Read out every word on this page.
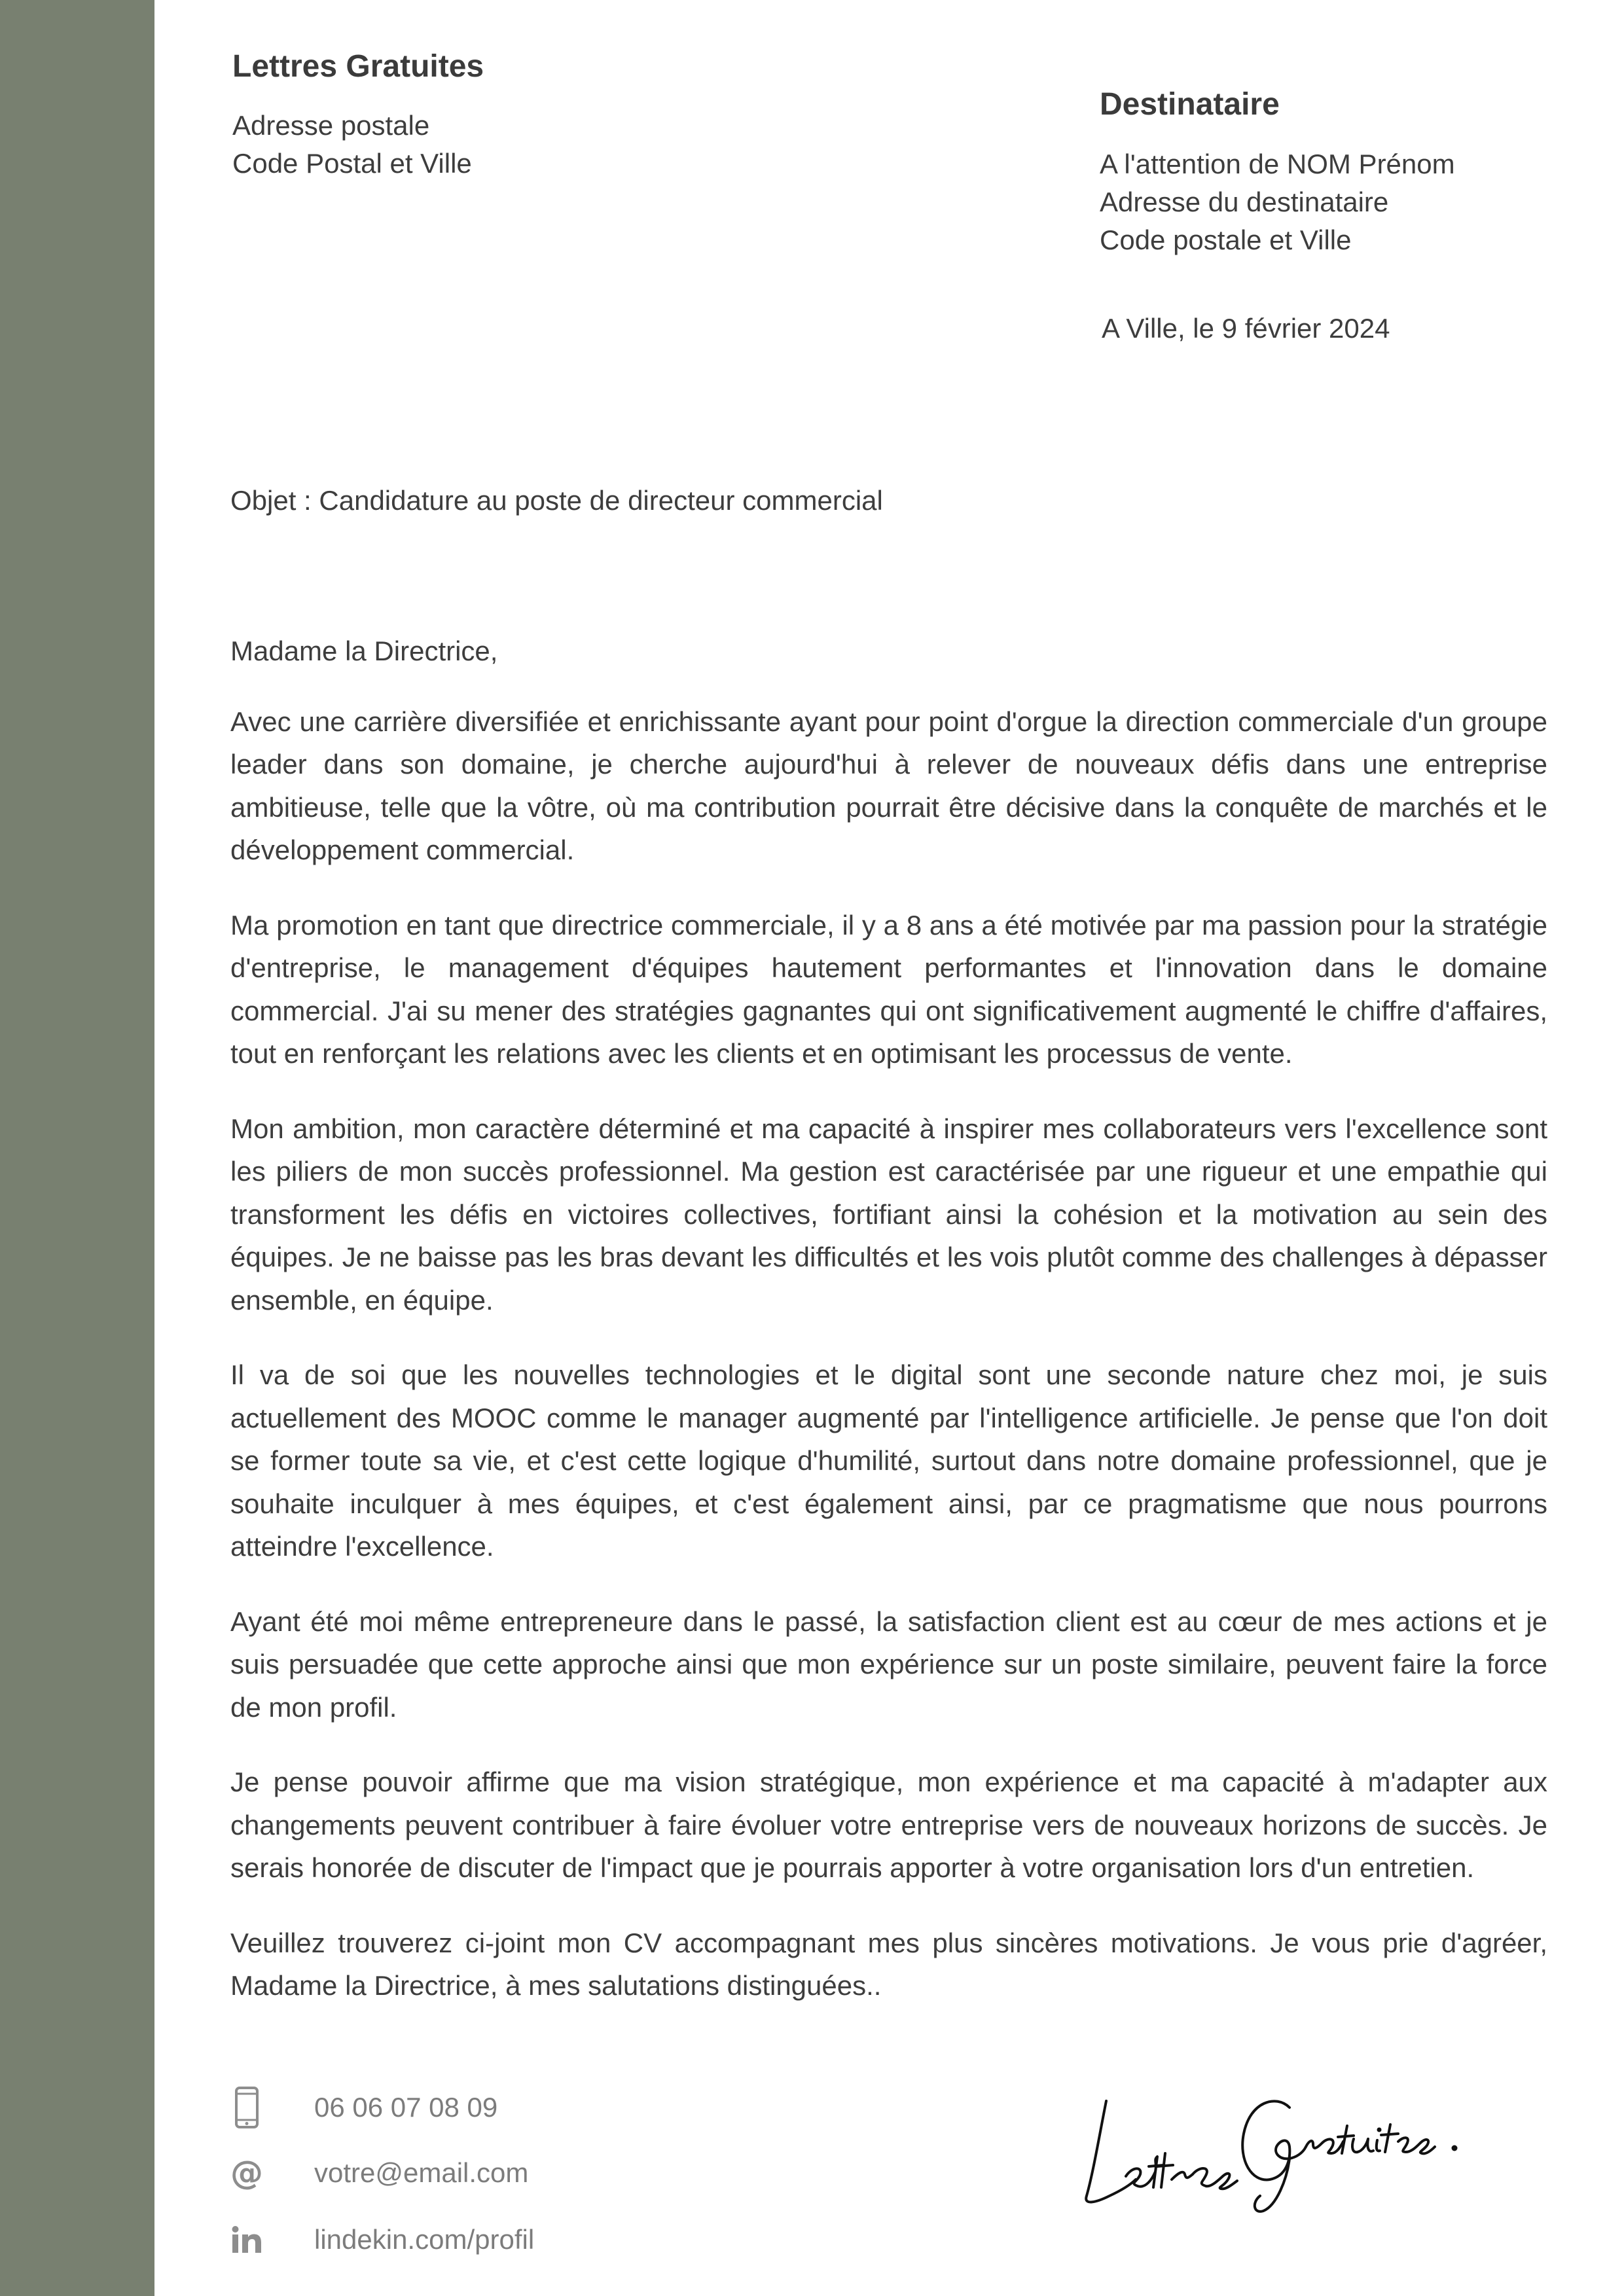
Lettres Gratuites
Adresse postale
Code Postal et Ville
Destinataire
A l'attention de NOM Prénom
Adresse du destinataire
Code postale et Ville
A Ville, le 9 février 2024
Objet : Candidature au poste de directeur commercial

Madame la Directrice,

Avec une carrière diversifiée et enrichissante ayant pour point d'orgue la direction commerciale d'un groupe leader dans son domaine, je cherche aujourd'hui à relever de nouveaux défis dans une entreprise ambitieuse, telle que la vôtre, où ma contribution pourrait être décisive dans la conquête de marchés et le développement commercial.

Ma promotion en tant que directrice commerciale, il y a 8 ans a été motivée par ma passion pour la stratégie d'entreprise, le management d'équipes hautement performantes et l'innovation dans le domaine commercial. J'ai su mener des stratégies gagnantes qui ont significativement augmenté le chiffre d'affaires, tout en renforçant les relations avec les clients et en optimisant les processus de vente.

Mon ambition, mon caractère déterminé et ma capacité à inspirer mes collaborateurs vers l'excellence sont les piliers de mon succès professionnel. Ma gestion est caractérisée par une rigueur et une empathie qui transforment les défis en victoires collectives, fortifiant ainsi la cohésion et la motivation au sein des équipes. Je ne baisse pas les bras devant les difficultés et les vois plutôt comme des challenges à dépasser ensemble, en équipe.

Il va de soi que les nouvelles technologies et le digital sont une seconde nature chez moi, je suis actuellement des MOOC comme le manager augmenté par l'intelligence artificielle. Je pense que l'on doit se former toute sa vie, et c'est cette logique d'humilité, surtout dans notre domaine professionnel, que je souhaite inculquer à mes équipes, et c'est également ainsi, par ce pragmatisme que nous pourrons atteindre l'excellence.

Ayant été moi même entrepreneure dans le passé, la satisfaction client est au cœur de mes actions et je suis persuadée que cette approche ainsi que mon expérience sur un poste similaire, peuvent faire la force de mon profil.

Je pense pouvoir affirme que ma vision stratégique, mon expérience et ma capacité à m'adapter aux changements peuvent contribuer à faire évoluer votre entreprise vers de nouveaux horizons de succès. Je serais honorée de discuter de l'impact que je pourrais apporter à votre organisation lors d'un entretien.

Veuillez trouverez ci-joint mon CV accompagnant mes plus sincères motivations. Je vous prie d'agréer, Madame la Directrice, à mes salutations distinguées..

06 06 07 08 09
@ votre@email.com
lindekin.com/profil
